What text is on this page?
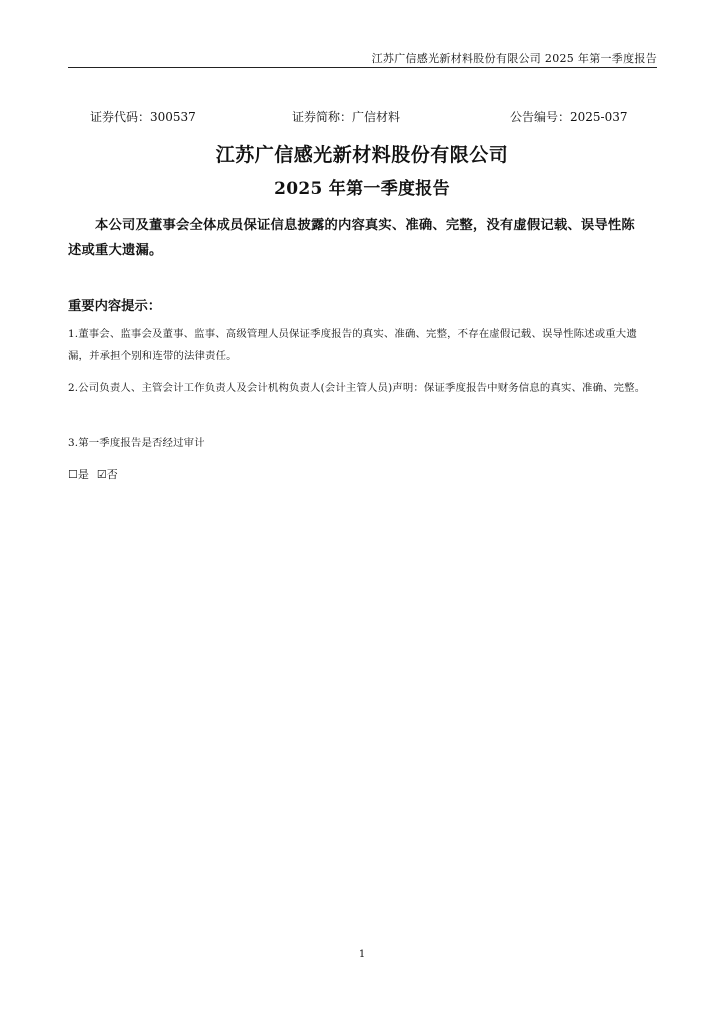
江苏广信感光新材料股份有限公司 2025 年第一季度报告
证券代码：300537	证券简称：广信材料	公告编号：2025-037
江苏广信感光新材料股份有限公司
2025 年第一季度报告
本公司及董事会全体成员保证信息披露的内容真实、准确、完整，没有虚假记载、误导性陈述或重大遗漏。
重要内容提示：
1.董事会、监事会及董事、监事、高级管理人员保证季度报告的真实、准确、完整，不存在虚假记载、误导性陈述或重大遗漏，并承担个别和连带的法律责任。
2.公司负责人、主管会计工作负责人及会计机构负责人(会计主管人员)声明：保证季度报告中财务信息的真实、准确、完整。
3.第一季度报告是否经过审计
☐是 ☑否
1
